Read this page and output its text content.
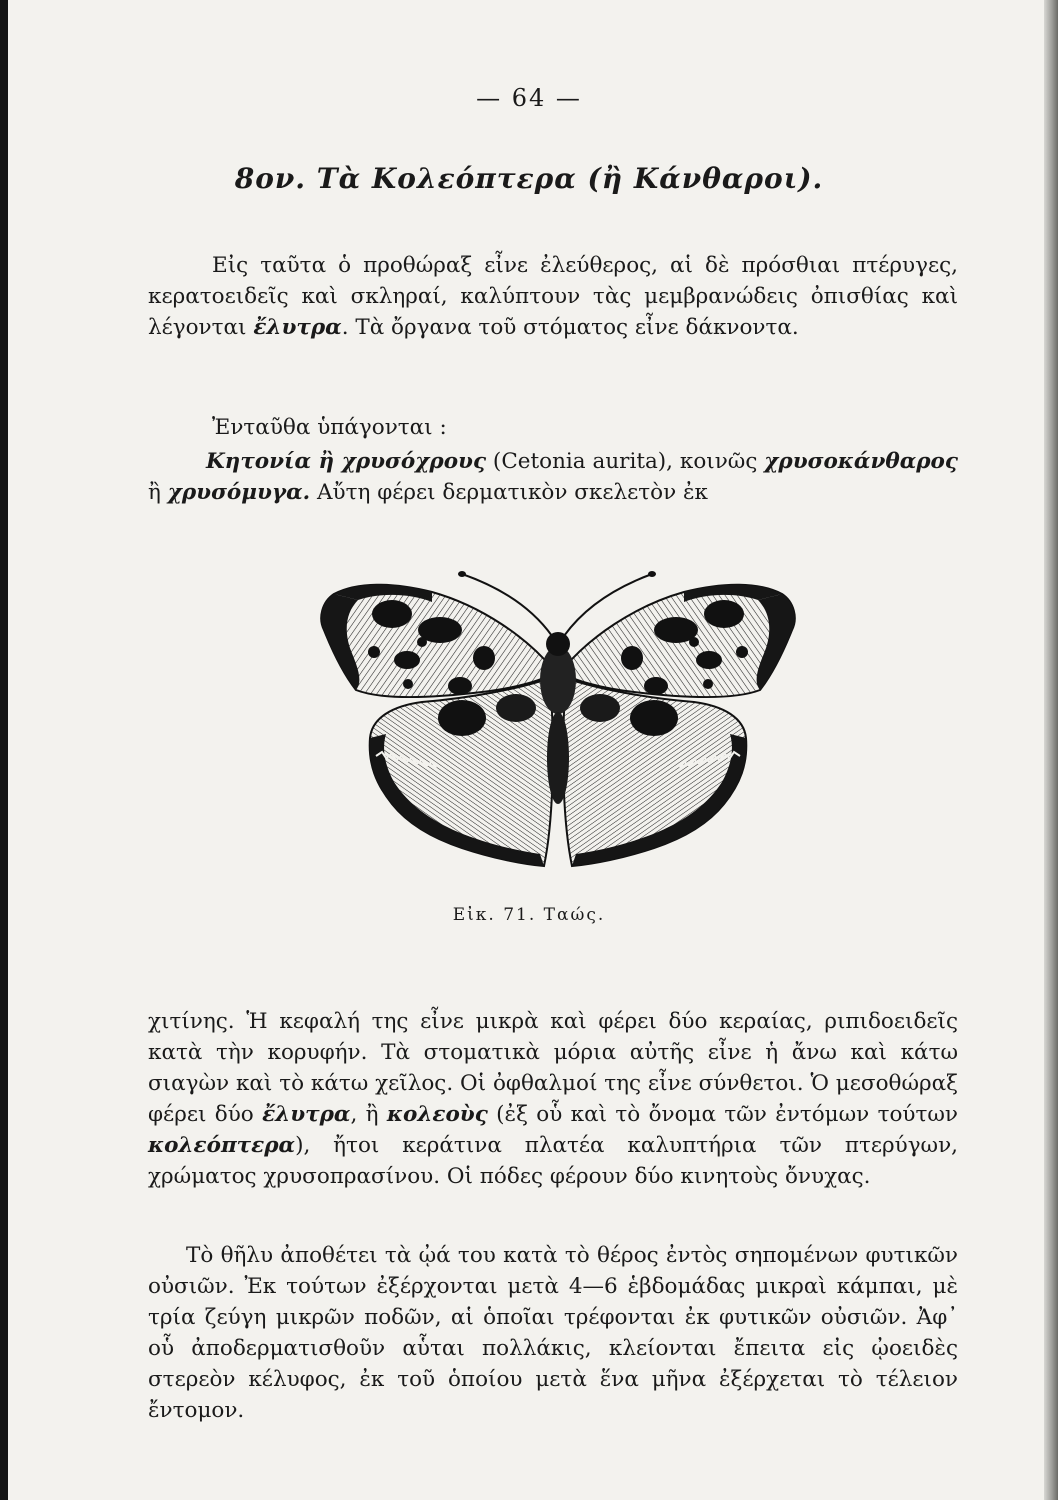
— 64 —
8ον. Τὰ Κολεόπτερα (ἢ Κάνθαροι).

Εἰς ταῦτα ὁ προθώραξ εἶνε ἐλεύθερος, αἱ δὲ πρόσθιαι πτέρυγες, κερατοειδεῖς καὶ σκληραί, καλύπτουν τὰς μεμβρανώδεις ὀπισθίας καὶ λέγονται ἔλυτρα. Τὰ ὄργανα τοῦ στόματος εἶνε δάκνοντα.

Ἐνταῦθα ὑπάγονται :

Κητονία ἢ χρυσόχρους (Cetonia aurita), κοινῶς χρυσοκάνθαρος ἢ χρυσόμυγα. Αὔτη φέρει δερματικὸν σκελετὸν ἐκ

Εἰκ. 71. Ταώς.

χιτίνης. Ἡ κεφαλή της εἶνε μικρὰ καὶ φέρει δύο κεραίας, ριπιδοειδεῖς κατὰ τὴν κορυφήν. Τὰ στοματικὰ μόρια αὐτῆς εἶνε ἡ ἄνω καὶ κάτω σιαγὼν καὶ τὸ κάτω χεῖλος. Οἱ ὀφθαλμοί της εἶνε σύνθετοι. Ὁ μεσοθώραξ φέρει δύο ἔλυτρα, ἢ κολεοὺς (ἐξ οὗ καὶ τὸ ὄνομα τῶν ἐντόμων τούτων κολεόπτερα), ἤτοι κεράτινα πλατέα καλυπτήρια τῶν πτερύγων, χρώματος χρυσοπρασίνου. Οἱ πόδες φέρουν δύο κινητοὺς ὄνυχας.

Τὸ θῆλυ ἀποθέτει τὰ ᾠά του κατὰ τὸ θέρος ἐντὸς σηπομένων φυτικῶν οὐσιῶν. Ἐκ τούτων ἐξέρχονται μετὰ 4—6 ἑβδομάδας μικραὶ κάμπαι, μὲ τρία ζεύγη μικρῶν ποδῶν, αἱ ὁποῖαι τρέφονται ἐκ φυτικῶν οὐσιῶν. Ἀφ᾽ οὗ ἀποδερματισθοῦν αὗται πολλάκις, κλείονται ἔπειτα εἰς ᾠοειδὲς στερεὸν κέλυφος, ἐκ τοῦ ὁποίου μετὰ ἕνα μῆνα ἐξέρχεται τὸ τέλειον ἔντομον.
